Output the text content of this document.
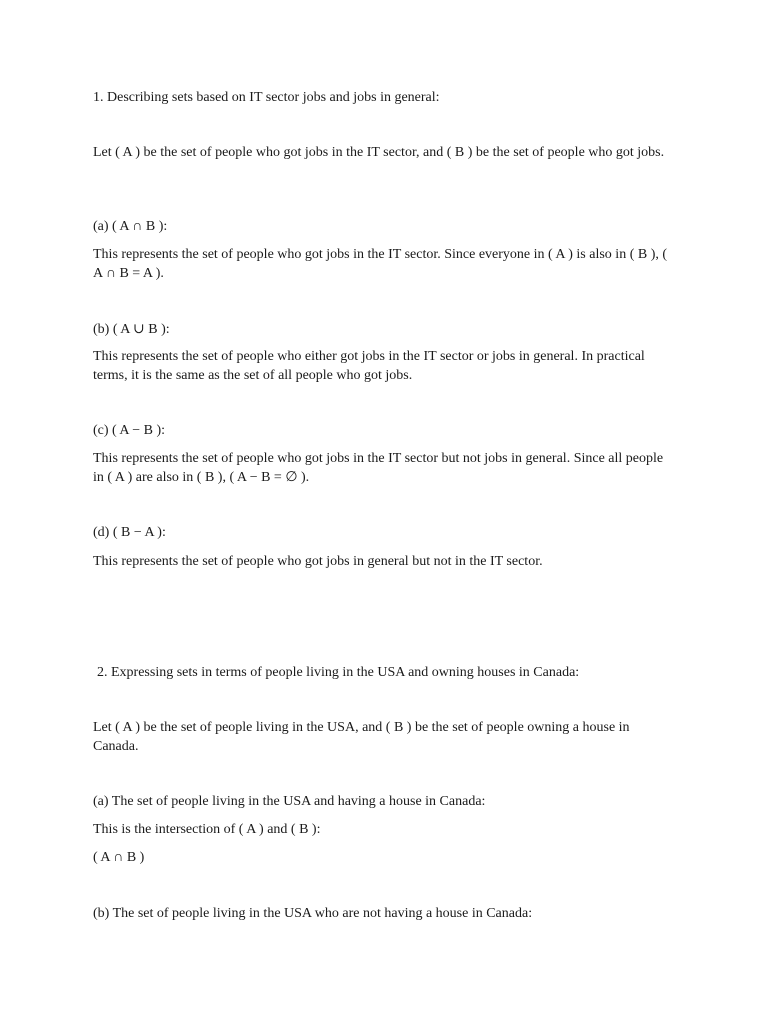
1. Describing sets based on IT sector jobs and jobs in general:

Let ( A ) be the set of people who got jobs in the IT sector, and ( B ) be the set of people who got jobs.

(a) ( A ∩ B ):

This represents the set of people who got jobs in the IT sector. Since everyone in ( A ) is also in ( B ), ( A ∩ B = A ).

(b) ( A ∪ B ):

This represents the set of people who either got jobs in the IT sector or jobs in general. In practical terms, it is the same as the set of all people who got jobs.

(c) ( A − B ):

This represents the set of people who got jobs in the IT sector but not jobs in general. Since all people in ( A ) are also in ( B ), ( A − B = ∅ ).

(d) ( B − A ):

This represents the set of people who got jobs in general but not in the IT sector.

2. Expressing sets in terms of people living in the USA and owning houses in Canada:

Let ( A ) be the set of people living in the USA, and ( B ) be the set of people owning a house in Canada.

(a) The set of people living in the USA and having a house in Canada:

This is the intersection of ( A ) and ( B ):

( A ∩ B )

(b) The set of people living in the USA who are not having a house in Canada:
